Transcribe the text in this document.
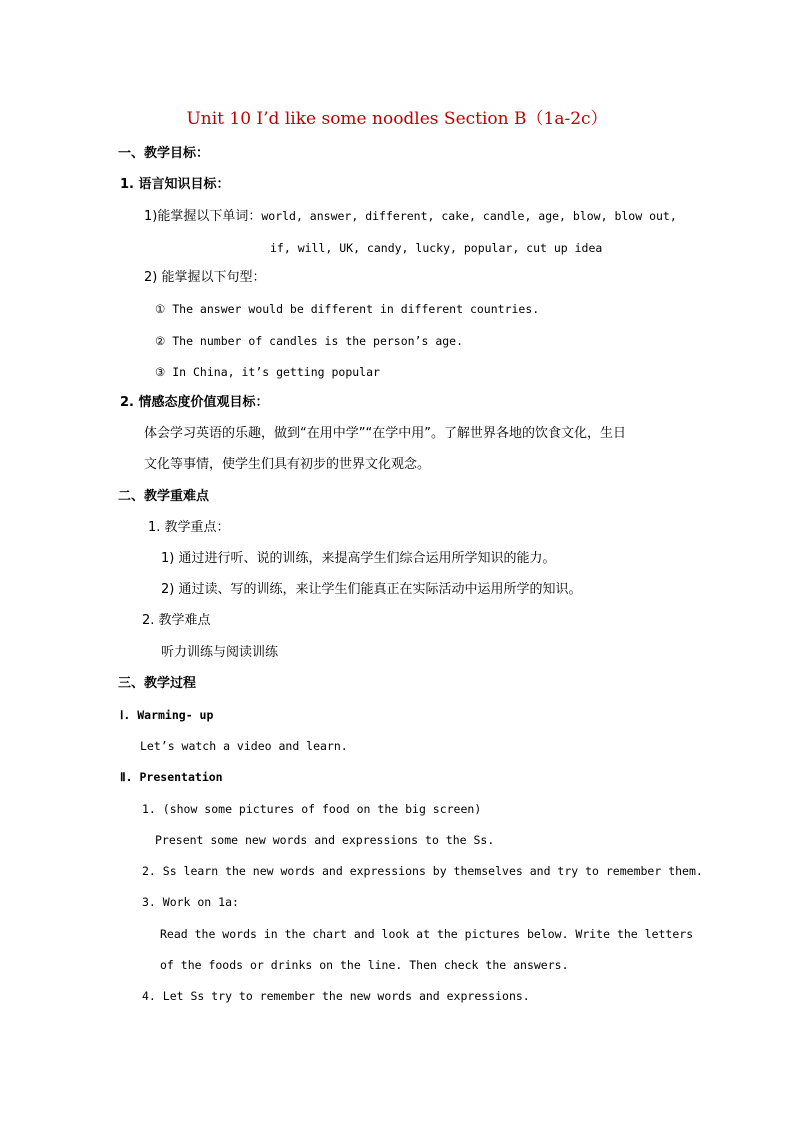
Unit 10 I’d like some noodles Section B（1a-2c）
一、教学目标：
1. 语言知识目标：
1)能掌握以下单词：world, answer, different, cake, candle, age, blow, blow out,
if, will, UK, candy, lucky, popular, cut up idea
2) 能掌握以下句型：
① The answer would be different in different countries.
② The number of candles is the person’s age.
③ In China, it’s getting popular
2. 情感态度价值观目标：
体会学习英语的乐趣，做到“在用中学”“在学中用”。了解世界各地的饮食文化，生日
文化等事情，使学生们具有初步的世界文化观念。
二、教学重难点
1. 教学重点：
1) 通过进行听、说的训练，来提高学生们综合运用所学知识的能力。
2) 通过读、写的训练，来让学生们能真正在实际活动中运用所学的知识。
2. 教学难点
听力训练与阅读训练
三、教学过程
Ⅰ. Warming- up
Let’s watch a video and learn.
Ⅱ. Presentation
1. (show some pictures of food on the big screen)
Present some new words and expressions to the Ss.
2. Ss learn the new words and expressions by themselves and try to remember them.
3. Work on 1a:
Read the words in the chart and look at the pictures below. Write the letters
of the foods or drinks on the line. Then check the answers.
4. Let Ss try to remember the new words and expressions.
